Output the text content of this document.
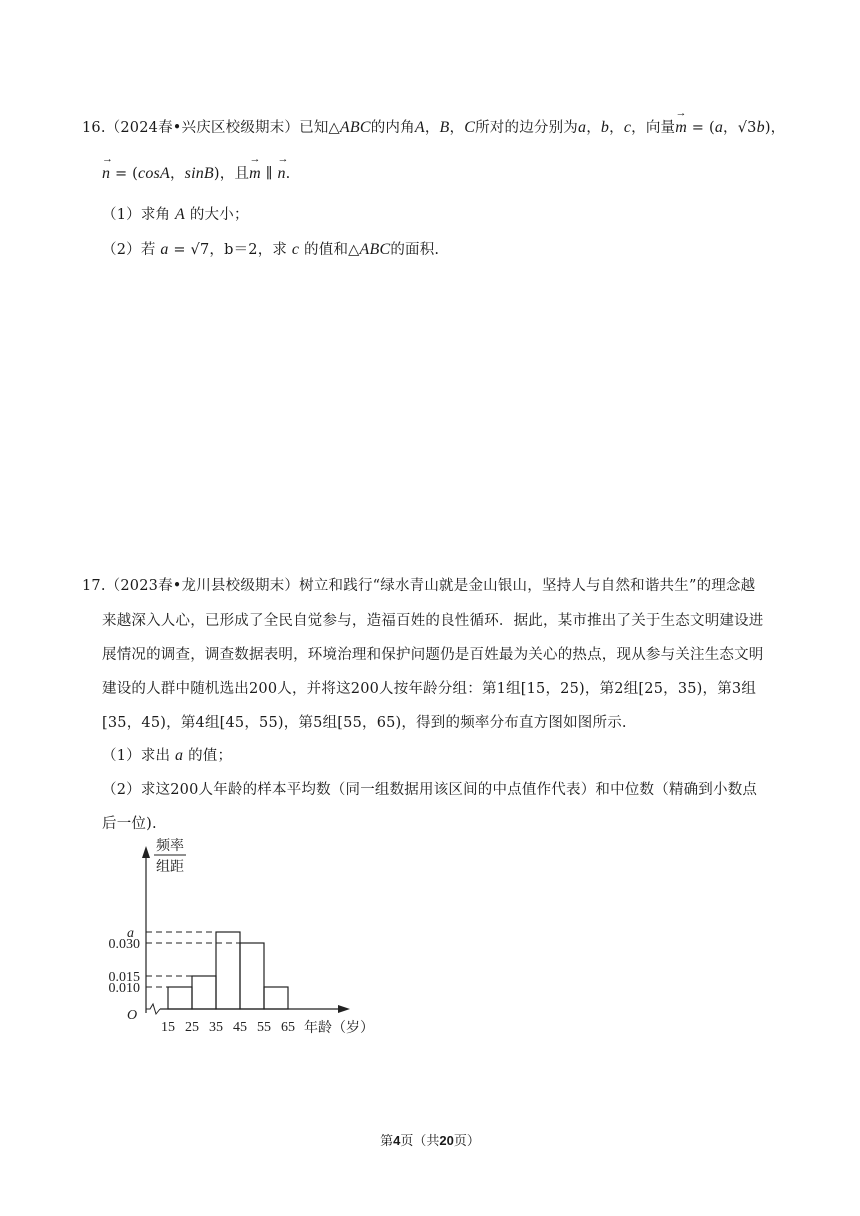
16.（2024春•兴庆区校级期末）已知△ABC的内角A，B，C所对的边分别为a，b，c，向量
→
m = (a，√3b)，
→
n = (cosA，sinB)，且
→
m ∥
→
n.
（1）求角 A 的大小；
（2）若 a = √7，b＝2，求 c 的值和△ABC的面积.
17.（2023春•龙川县校级期末）树立和践行“绿水青山就是金山银山，坚持人与自然和谐共生”的理念越
来越深入人心，已形成了全民自觉参与，造福百姓的良性循环．据此，某市推出了关于生态文明建设进
展情况的调查，调查数据表明，环境治理和保护问题仍是百姓最为关心的热点，现从参与关注生态文明
建设的人群中随机选出200人，并将这200人按年龄分组：第1组[15，25)，第2组[25，35)，第3组
[35，45)，第4组[45，55)，第5组[55，65)，得到的频率分布直方图如图所示.
（1）求出 a 的值；
（2）求这200人年龄的样本平均数（同一组数据用该区间的中点值作代表）和中位数（精确到小数点
后一位).
频率
组距
O
0.010
0.015
a
0.030
15 25 35 45 55 65 年龄（岁）
第4页（共20页）
